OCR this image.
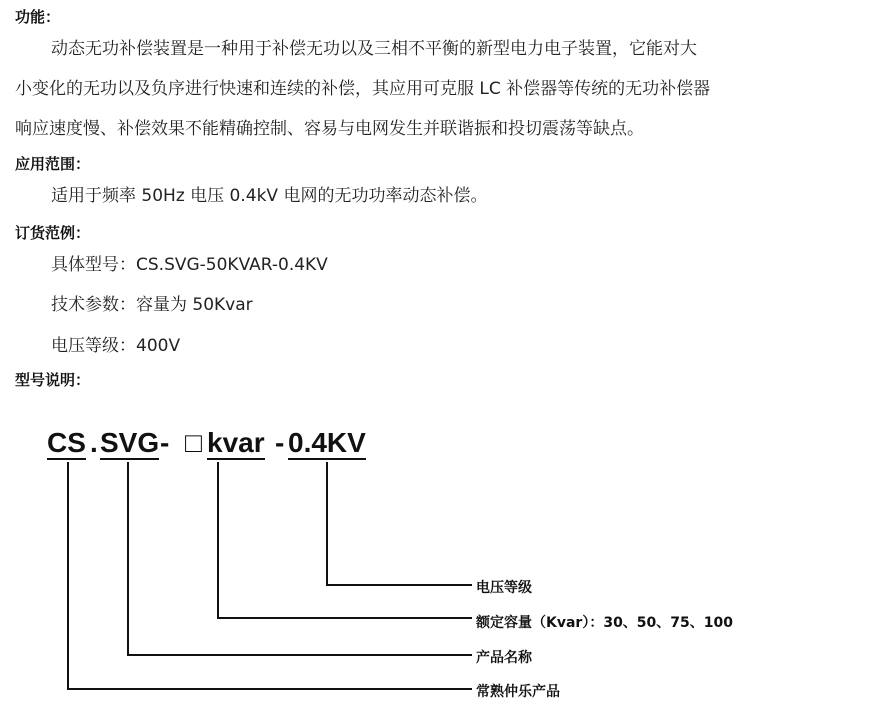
功能：
动态无功补偿装置是一种用于补偿无功以及三相不平衡的新型电力电子装置，它能对大
小变化的无功以及负序进行快速和连续的补偿，其应用可克服 LC 补偿器等传统的无功补偿器
响应速度慢、补偿效果不能精确控制、容易与电网发生并联谐振和投切震荡等缺点。
应用范围：
适用于频率 50Hz 电压 0.4kV 电网的无功功率动态补偿。
订货范例：
具体型号：CS.SVG-50KVAR-0.4KV
技术参数：容量为 50Kvar
电压等级：400V
型号说明：
CS . SVG - □ kvar - 0.4KV
电压等级
额定容量（Kvar）：30、50、75、100
产品名称
常熟仲乐产品
